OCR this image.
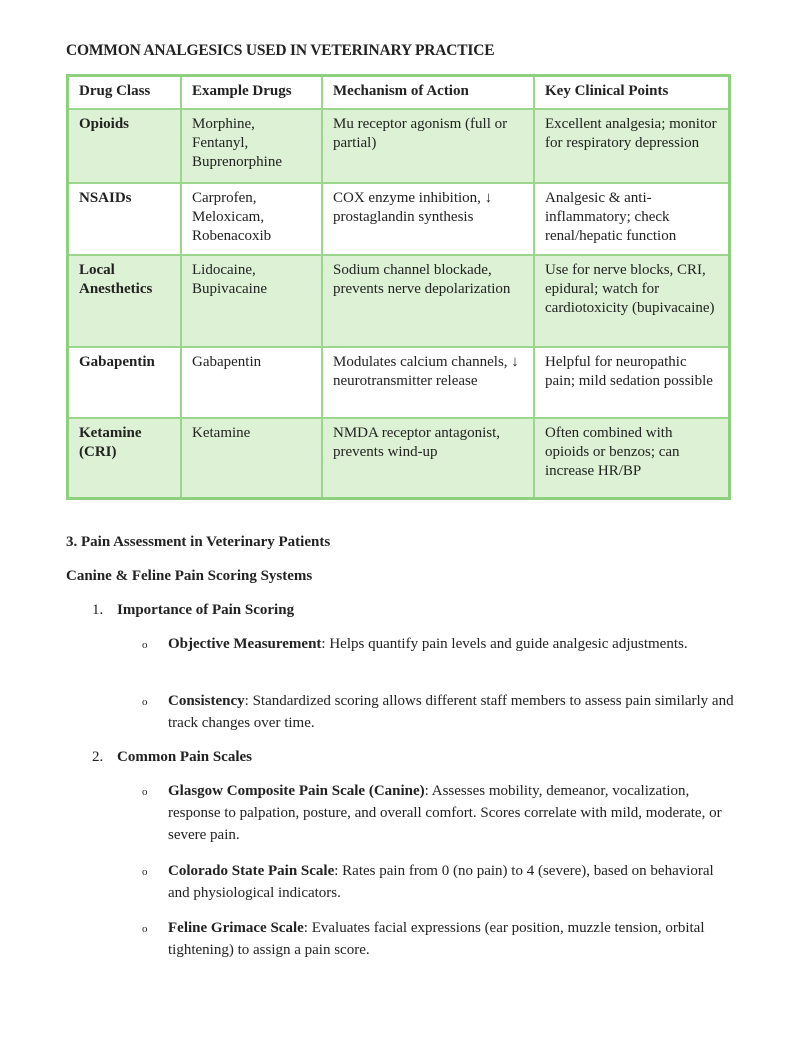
COMMON ANALGESICS USED IN VETERINARY PRACTICE
Drug Class	Example Drugs	Mechanism of Action	Key Clinical Points
Opioids	Morphine, Fentanyl, Buprenorphine	Mu receptor agonism (full or partial)	Excellent analgesia; monitor for respiratory depression
NSAIDs	Carprofen, Meloxicam, Robenacoxib	COX enzyme inhibition, ↓ prostaglandin synthesis	Analgesic & anti-inflammatory; check renal/hepatic function
Local Anesthetics	Lidocaine, Bupivacaine	Sodium channel blockade, prevents nerve depolarization	Use for nerve blocks, CRI, epidural; watch for cardiotoxicity (bupivacaine)
Gabapentin	Gabapentin	Modulates calcium channels, ↓ neurotransmitter release	Helpful for neuropathic pain; mild sedation possible
Ketamine (CRI)	Ketamine	NMDA receptor antagonist, prevents wind-up	Often combined with opioids or benzos; can increase HR/BP
3. Pain Assessment in Veterinary Patients
Canine & Feline Pain Scoring Systems
1. Importance of Pain Scoring
o Objective Measurement: Helps quantify pain levels and guide analgesic adjustments.
o Consistency: Standardized scoring allows different staff members to assess pain similarly and track changes over time.
2. Common Pain Scales
o Glasgow Composite Pain Scale (Canine): Assesses mobility, demeanor, vocalization, response to palpation, posture, and overall comfort. Scores correlate with mild, moderate, or severe pain.
o Colorado State Pain Scale: Rates pain from 0 (no pain) to 4 (severe), based on behavioral and physiological indicators.
o Feline Grimace Scale: Evaluates facial expressions (ear position, muzzle tension, orbital tightening) to assign a pain score.
